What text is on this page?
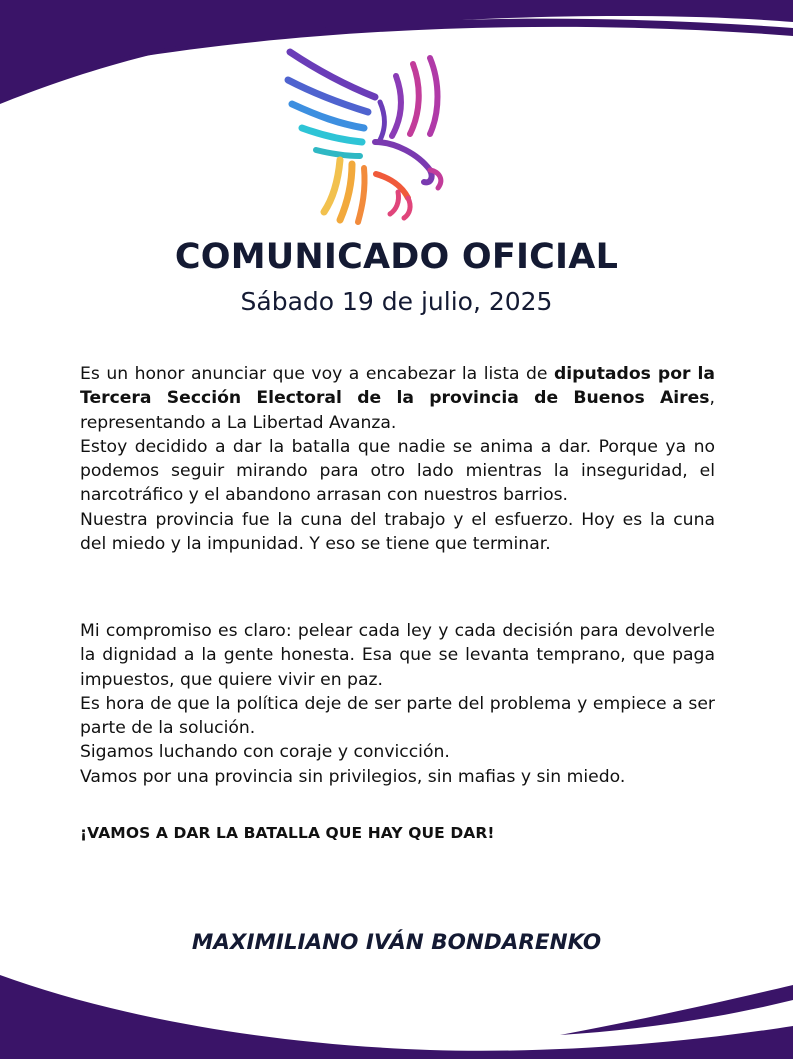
COMUNICADO OFICIAL
Sábado 19 de julio, 2025

Es un honor anunciar que voy a encabezar la lista de diputados por la Tercera Sección Electoral de la provincia de Buenos Aires, representando a La Libertad Avanza.

Estoy decidido a dar la batalla que nadie se anima a dar. Porque ya no podemos seguir mirando para otro lado mientras la inseguridad, el narcotráfico y el abandono arrasan con nuestros barrios.

Nuestra provincia fue la cuna del trabajo y el esfuerzo. Hoy es la cuna del miedo y la impunidad. Y eso se tiene que terminar.

Mi compromiso es claro: pelear cada ley y cada decisión para devolverle la dignidad a la gente honesta. Esa que se levanta temprano, que paga impuestos, que quiere vivir en paz.

Es hora de que la política deje de ser parte del problema y empiece a ser parte de la solución.

Sigamos luchando con coraje y convicción.

Vamos por una provincia sin privilegios, sin mafias y sin miedo.

¡VAMOS A DAR LA BATALLA QUE HAY QUE DAR!
MAXIMILIANO IVÁN BONDARENKO
